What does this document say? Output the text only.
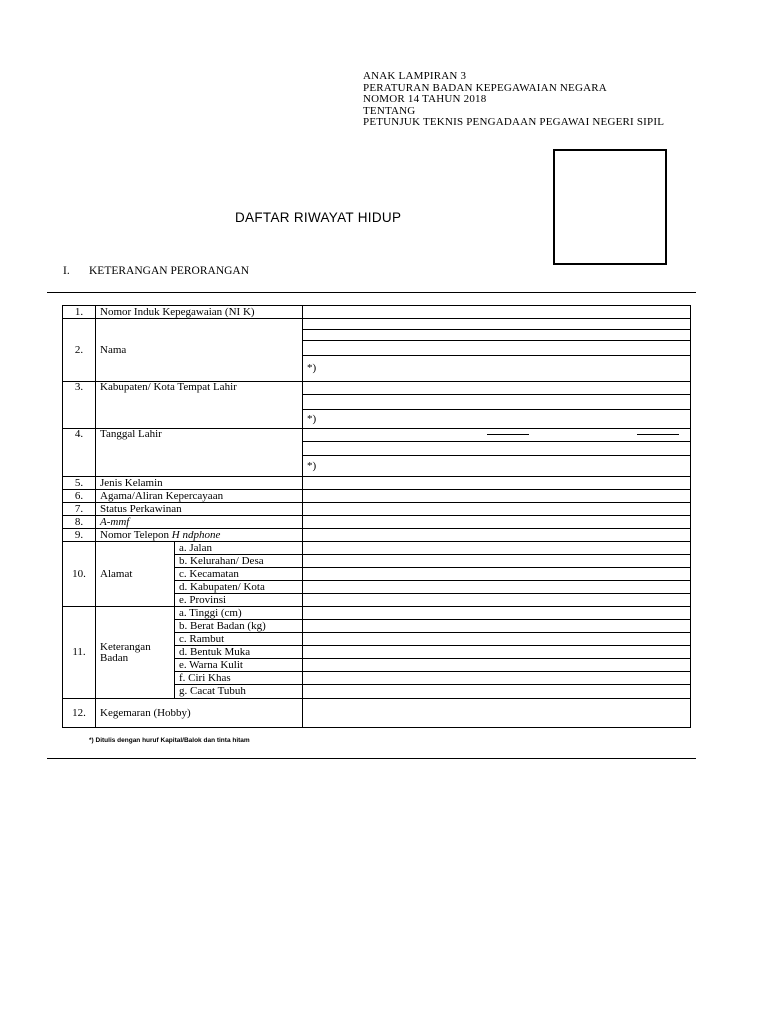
ANAK LAMPIRAN 3
PERATURAN BADAN KEPEGAWAIAN NEGARA
NOMOR 14 TAHUN 2018
TENTANG
PETUNJUK TEKNIS PENGADAAN PEGAWAI NEGERI SIPIL
DAFTAR RIWAYAT HIDUP
I. KETERANGAN PERORANGAN
1.	Nomor Induk Kepegawaian (NI K)		
2.	Nama		

			*)
3.	Kabupaten/ Kota Tempat Lahir		

			*)
4.	Tanggal Lahir		

			*)
5.	Jenis Kelamin		
6.	Agama/Aliran Kepercayaan		
7.	Status Perkawinan		
8.	A-mmf		
9.	Nomor Telepon H ndphone		
10.	Alamat	a. Jalan	
		b. Kelurahan/ Desa	
		c. Kecamatan	
		d. Kabupaten/ Kota	
		e. Provinsi	
11.	Keterangan
Badan	a. Tinggi (cm)	
		b. Berat Badan (kg)	
		c. Rambut	
		d. Bentuk Muka	
		e. Warna Kulit	
		f. Ciri Khas	
		g. Cacat Tubuh	
12.	Kegemaran (Hobby)		
*) Ditulis dengan huruf Kapital/Balok dan tinta hitam
